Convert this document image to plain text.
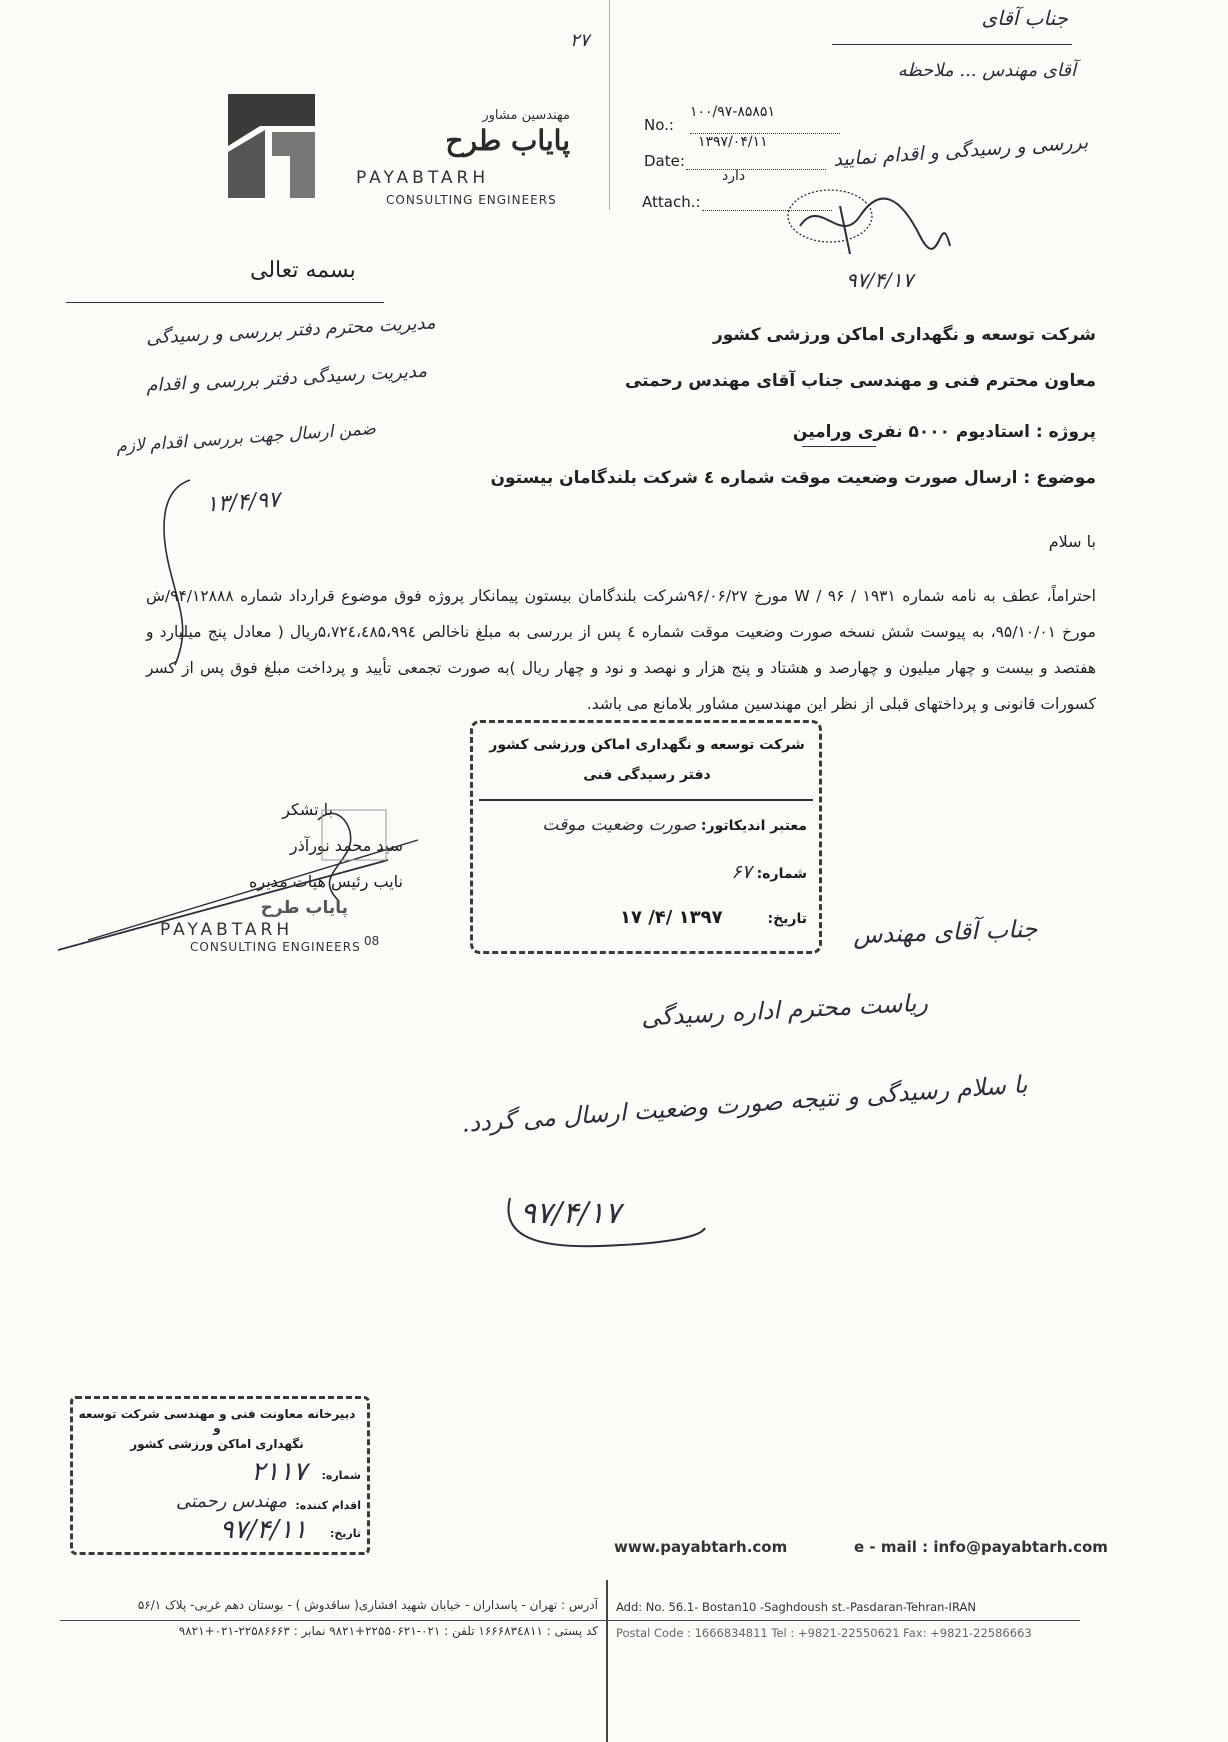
مهندسین مشاور
پایاب طرح
PAYABTARH
CONSULTING ENGINEERS
No.:
۱۰۰/۹۷-۸۵۸۵۱
Date:
۱۳۹۷/۰۴/۱۱
Attach.:
دارد
جناب آقای
آقای مهندس ... ملاحظه
بررسی و رسیدگی و اقدام نمایید
۹۷/۴/۱۷
۲۷
بسمه تعالی
مدیریت محترم دفتر بررسی و رسیدگی
مدیریت رسیدگی دفتر بررسی و اقدام
ضمن ارسال جهت بررسی اقدام لازم
۱۳/۴/۹۷
شرکت توسعه و نگهداری اماکن ورزشی کشور
معاون محترم فنی و مهندسی جناب آقای مهندس رحمتی
پروژه : استادیوم ۵۰۰۰ نفری ورامین
موضوع : ارسال صورت وضعیت موقت شماره ٤ شرکت بلندگامان بیستون
با سلام
احتراماً، عطف به نامه شماره ۱۹۳۱ / ۹۶ / W مورخ ۹۶/۰۶/۲۷شرکت بلندگامان بیستون پیمانکار پروژه فوق موضوع قرارداد شماره ۹۴/۱۲۸۸۸/ش مورخ ۹۵/۱۰/۰۱، به پیوست شش نسخه صورت وضعیت موقت شماره ٤ پس از بررسی به مبلغ ناخالص ۵،۷۲٤،٤۸۵،۹۹٤ریال ( معادل پنج میلیارد و هفتصد و بیست و چهار میلیون و چهارصد و هشتاد و پنج هزار و نهصد و نود و چهار ریال )به صورت تجمعی تأیید و پرداخت مبلغ فوق پس از کسر کسورات قانونی و پرداختهای قبلی از نظر این مهندسین مشاور بلامانع می باشد.
شرکت توسعه و نگهداری اماکن ورزشی کشور
دفتر رسیدگی فنی
معتبر اندیکاتور: صورت وضعیت موقت
شماره: ۶۷
تاریخ: ۱۳۹۷ /۴/ ۱۷
با تشکر
سید محمد نورآذر
نایب رئیس هیات مدیره
پایاب طرح
PAYABTARH
CONSULTING ENGINEERS 08	جناب آقای مهندس
ریاست محترم اداره رسیدگی
با سلام رسیدگی و نتیجه صورت وضعیت ارسال می گردد.
۹۷/۴/۱۷
دبیرخانه معاونت فنی و مهندسی شرکت توسعه و
نگهداری اماکن ورزشی کشور
شماره:
۲۱۱۷
اقدام کننده:
مهندس رحمتی
تاریخ:
۹۷/۴/۱۱
www.payabtarh.com	e - mail : info@payabtarh.com
آدرس : تهران - پاسداران - خیابان شهید افشاری( ساقدوش ) - بوستان دهم غربی- پلاک ۵۶/۱
کد پستی : ۱۶۶۶۸۳٤۸۱۱ تلفن : ۰۲۱-۲۲۵۵۰۶۲۱+۹۸۲۱ نمابر : ۲۲۵۸۶۶۶۳-۰۲۱+۹۸۲۱
Add: No. 56.1- Bostan10 -Saghdoush st.-Pasdaran-Tehran-IRAN
Postal Code : 1666834811 Tel : +9821-22550621 Fax: +9821-22586663
